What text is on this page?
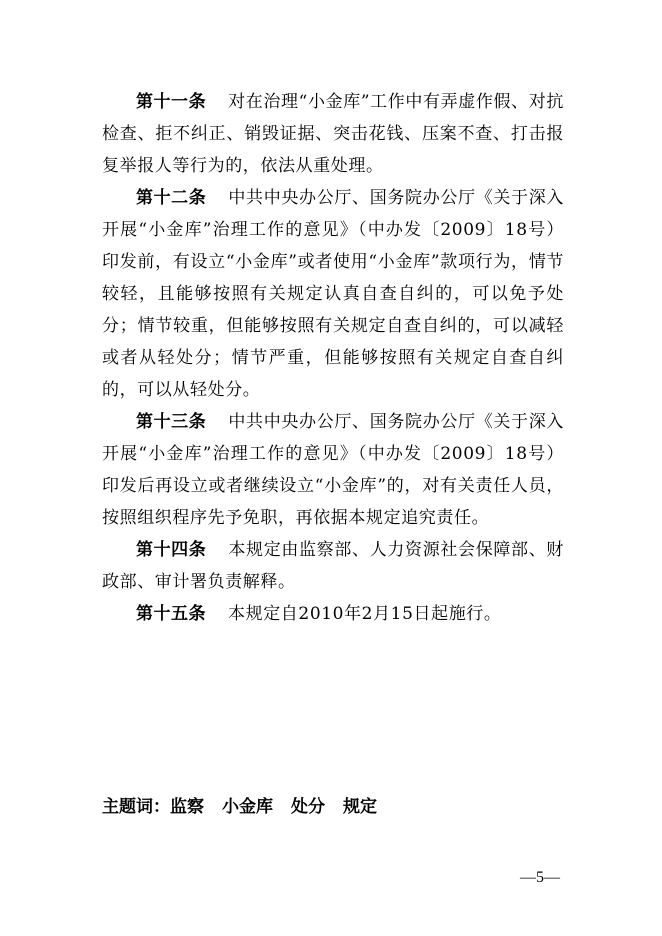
第十一条 对在治理“小金库”工作中有弄虚作假、对抗检查、拒不纠正、销毁证据、突击花钱、压案不查、打击报复举报人等行为的，依法从重处理。

第十二条 中共中央办公厅、国务院办公厅《关于深入开展“小金库”治理工作的意见》（中办发〔2009〕18号）印发前，有设立“小金库”或者使用“小金库”款项行为，情节较轻，且能够按照有关规定认真自查自纠的，可以免予处分；情节较重，但能够按照有关规定自查自纠的，可以减轻或者从轻处分；情节严重，但能够按照有关规定自查自纠的，可以从轻处分。

第十三条 中共中央办公厅、国务院办公厅《关于深入开展“小金库”治理工作的意见》（中办发〔2009〕18号）印发后再设立或者继续设立“小金库”的，对有关责任人员，按照组织程序先予免职，再依据本规定追究责任。

第十四条 本规定由监察部、人力资源社会保障部、财政部、审计署负责解释。

第十五条 本规定自2010年2月15日起施行。

主题词：监察 小金库 处分 规定
—5—
